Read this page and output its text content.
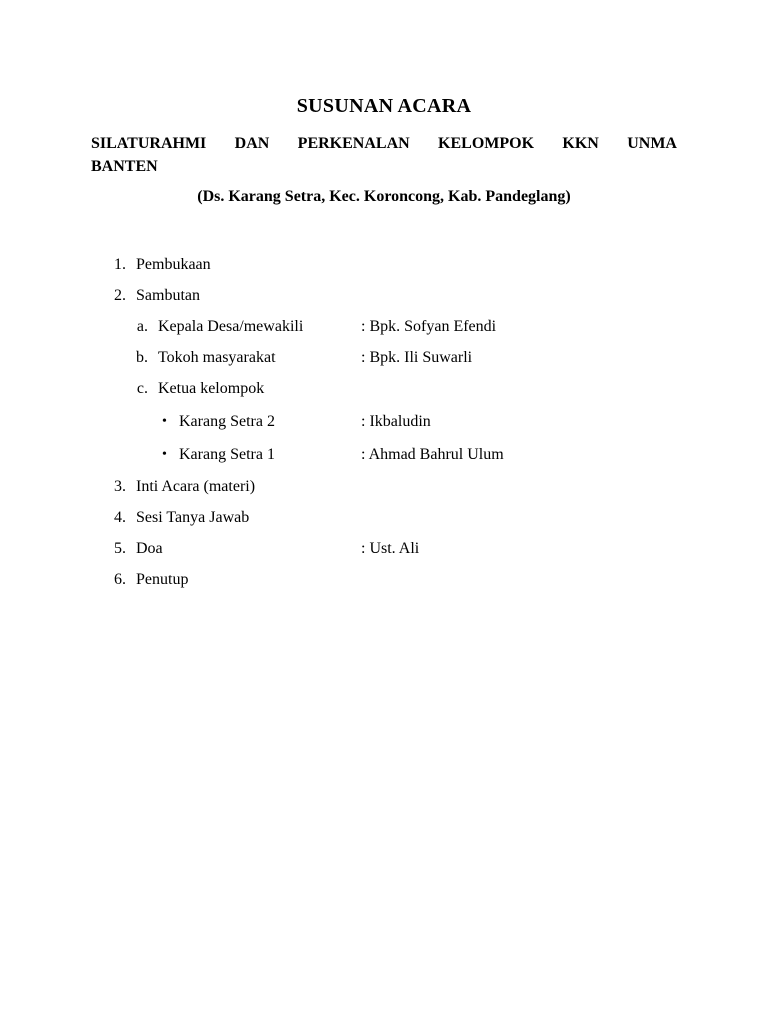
SUSUNAN ACARA
SILATURAHMI DAN PERKENALAN KELOMPOK KKN UNMA
BANTEN
(Ds. Karang Setra, Kec. Koroncong, Kab. Pandeglang)
1. Pembukaan
2. Sambutan
a. Kepala Desa/mewakili	: Bpk. Sofyan Efendi
b. Tokoh masyarakat	: Bpk. Ili Suwarli
c. Ketua kelompok
• Karang Setra 2	: Ikbaludin
• Karang Setra 1	: Ahmad Bahrul Ulum
3. Inti Acara (materi)
4. Sesi Tanya Jawab
5. Doa	: Ust. Ali
6. Penutup
